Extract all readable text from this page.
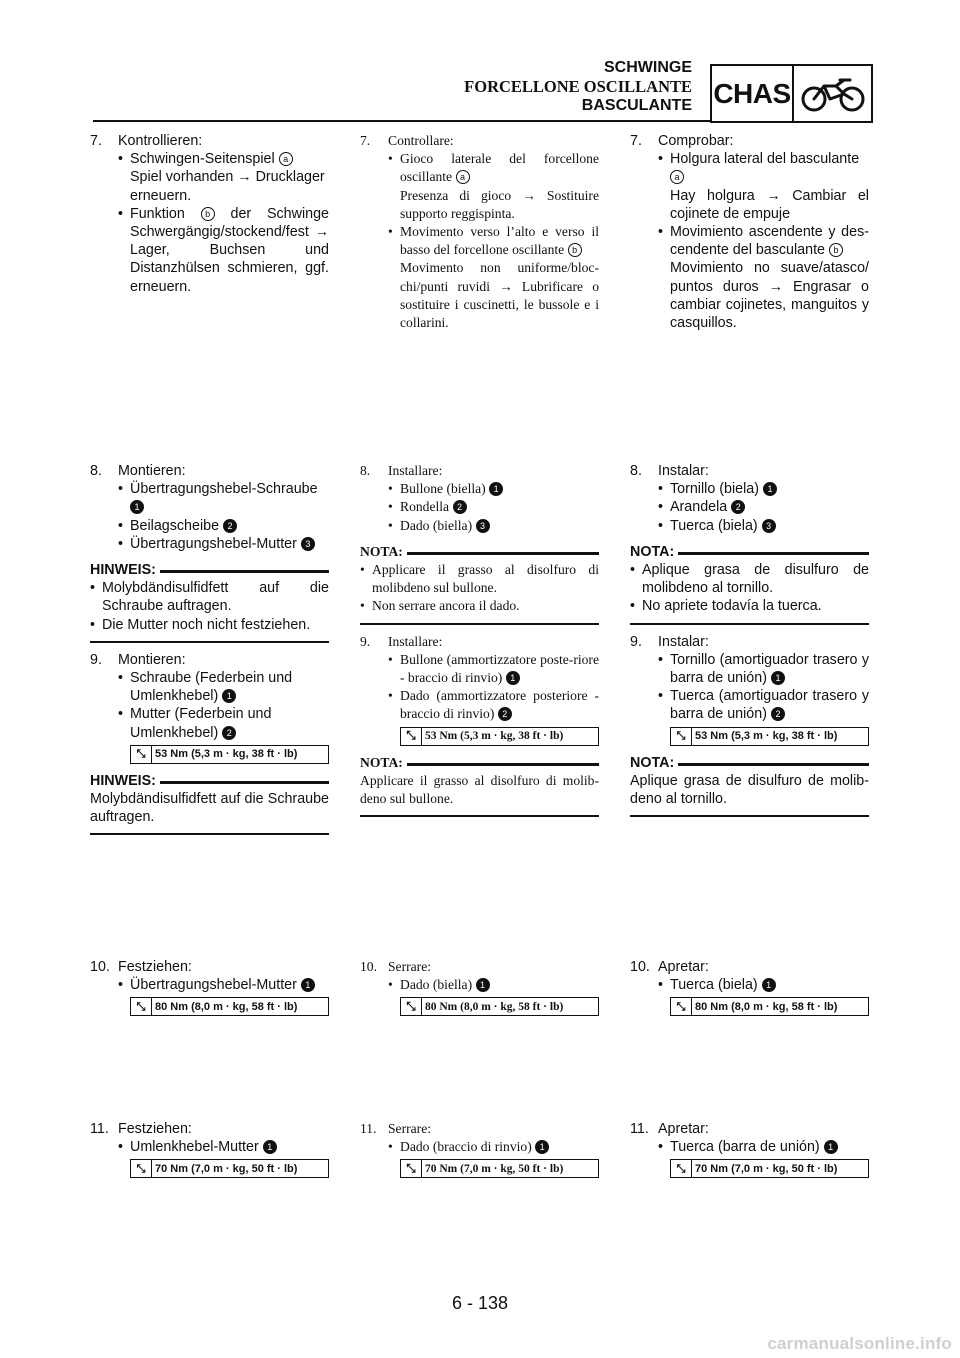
SCHWINGE
FORCELLONE OSCILLANTE
BASCULANTE CHAS
7.	Kontrollieren:
• Schwingen-Seitenspiel a
Spiel vorhanden → Drucklager erneuern.
• Funktion b der Schwinge Schwergängig/stockend/fest → Lager, Buchsen und Distanzhülsen schmieren, ggf. erneuern.
8.	Montieren:
• Übertragungshebel-Schraube
1
• Beilagscheibe 2
• Übertragungshebel-Mutter 3
HINWEIS:
• Molybdändisulfidfett auf die Schraube auftragen.
• Die Mutter noch nicht festziehen.
9.	Montieren:
• Schraube (Federbein und Umlenkhebel) 1
• Mutter (Federbein und Umlenkhebel) 2
⤡ 53 Nm (5,3 m · kg, 38 ft · lb)
HINWEIS:
Molybdändisulfidfett auf die Schraube auftragen.
10. Festziehen:
• Übertragungshebel-Mutter 1
⤡ 80 Nm (8,0 m · kg, 58 ft · lb)
11. Festziehen:
• Umlenkhebel-Mutter 1
⤡ 70 Nm (7,0 m · kg, 50 ft · lb)
7.	Controllare:
• Gioco laterale del forcellone oscillante a
Presenza di gioco → Sostituire supporto reggispinta.
• Movimento verso l’alto e verso il basso del forcellone oscillante b
Movimento non uniforme/bloc-chi/punti ruvidi → Lubrificare o sostituire i cuscinetti, le bussole e i collarini.
8.	Installare:
• Bullone (biella) 1
• Rondella 2
• Dado (biella) 3
NOTA:
• Applicare il grasso al disolfuro di molibdeno sul bullone.
• Non serrare ancora il dado.
9.	Installare:
• Bullone (ammortizzatore poste-riore - braccio di rinvio) 1
• Dado (ammortizzatore posteriore - braccio di rinvio) 2
⤡ 53 Nm (5,3 m · kg, 38 ft · lb)
NOTA:
Applicare il grasso al disolfuro di molib-deno sul bullone.
10. Serrare:
• Dado (biella) 1
⤡ 80 Nm (8,0 m · kg, 58 ft · lb)
11. Serrare:
• Dado (braccio di rinvio) 1
⤡ 70 Nm (7,0 m · kg, 50 ft · lb)
7.	Comprobar:
• Holgura lateral del basculante
a
Hay holgura → Cambiar el cojinete de empuje
• Movimiento ascendente y des-cendente del basculante b
Movimiento no suave/atasco/ puntos duros → Engrasar o cambiar cojinetes, manguitos y casquillos.
8.	Instalar:
• Tornillo (biela) 1
• Arandela 2
• Tuerca (biela) 3
NOTA:
• Aplique grasa de disulfuro de molibdeno al tornillo.
• No apriete todavía la tuerca.
9.	Instalar:
• Tornillo (amortiguador trasero y barra de unión) 1
• Tuerca (amortiguador trasero y barra de unión) 2
⤡ 53 Nm (5,3 m · kg, 38 ft · lb)
NOTA:
Aplique grasa de disulfuro de molib-deno al tornillo.
10. Apretar:
• Tuerca (biela) 1
⤡ 80 Nm (8,0 m · kg, 58 ft · lb)
11. Apretar:
• Tuerca (barra de unión) 1
⤡ 70 Nm (7,0 m · kg, 50 ft · lb)
6 - 138
carmanualsonline.info
